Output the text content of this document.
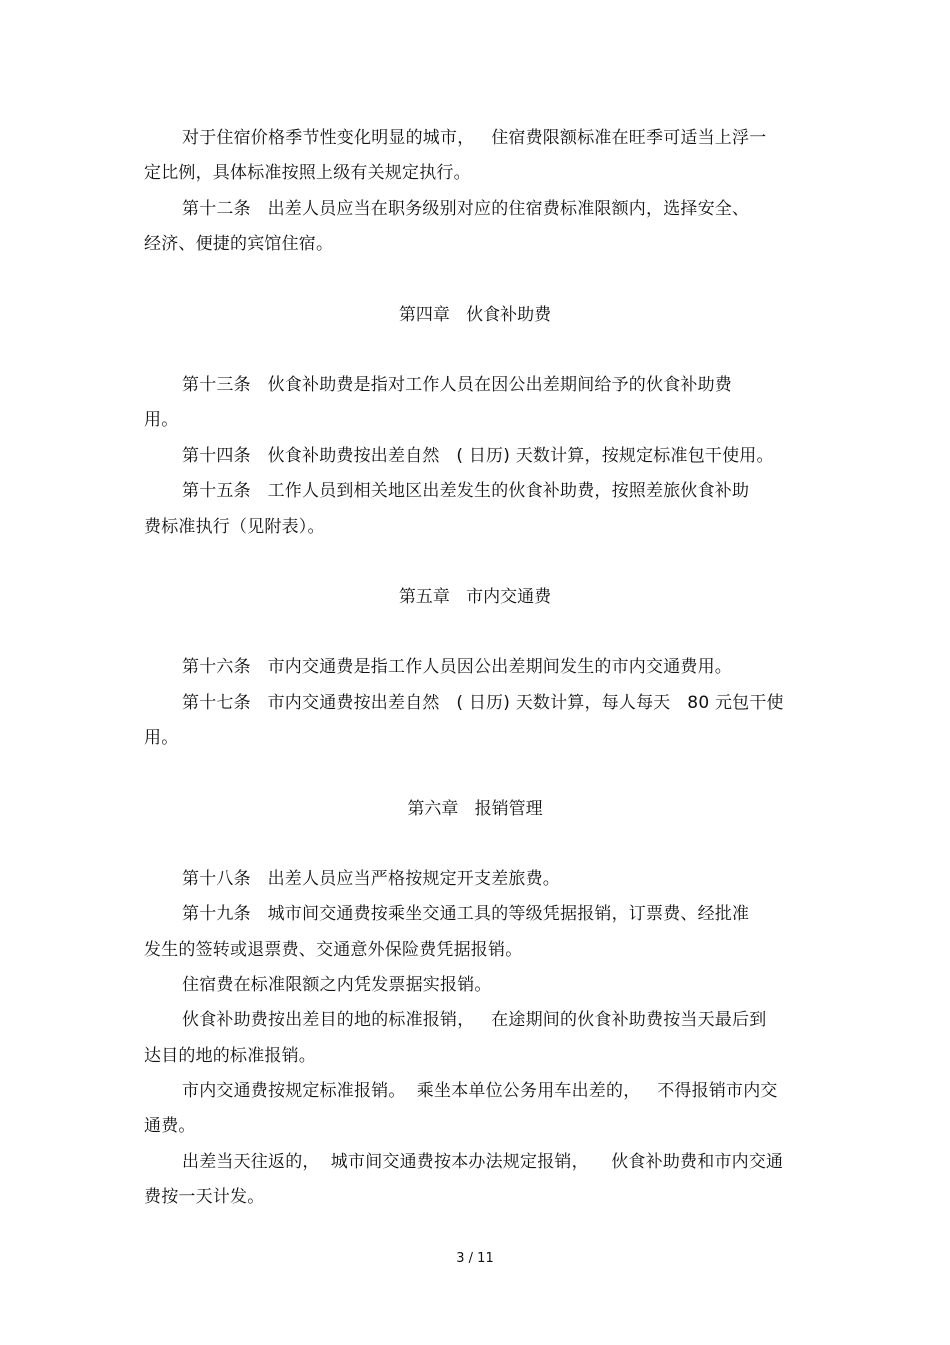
对于住宿价格季节性变化明显的城市，   住宿费限额标准在旺季可适当上浮一
定比例，具体标准按照上级有关规定执行。
第十二条   出差人员应当在职务级别对应的住宿费标准限额内，选择安全、
经济、便捷的宾馆住宿。
第四章   伙食补助费
第十三条   伙食补助费是指对工作人员在因公出差期间给予的伙食补助费
用。
第十四条   伙食补助费按出差自然   ( 日历) 天数计算，按规定标准包干使用。
第十五条   工作人员到相关地区出差发生的伙食补助费，按照差旅伙食补助
费标准执行（见附表）。
第五章   市内交通费
第十六条   市内交通费是指工作人员因公出差期间发生的市内交通费用。
第十七条   市内交通费按出差自然   ( 日历) 天数计算，每人每天   80 元包干使
用。
第六章   报销管理
第十八条   出差人员应当严格按规定开支差旅费。
第十九条   城市间交通费按乘坐交通工具的等级凭据报销，订票费、经批准
发生的签转或退票费、交通意外保险费凭据报销。
住宿费在标准限额之内凭发票据实报销。
伙食补助费按出差目的地的标准报销，   在途期间的伙食补助费按当天最后到
达目的地的标准报销。
市内交通费按规定标准报销。  乘坐本单位公务用车出差的，   不得报销市内交
通费。
出差当天往返的，  城市间交通费按本办法规定报销，    伙食补助费和市内交通
费按一天计发。
3 / 11
